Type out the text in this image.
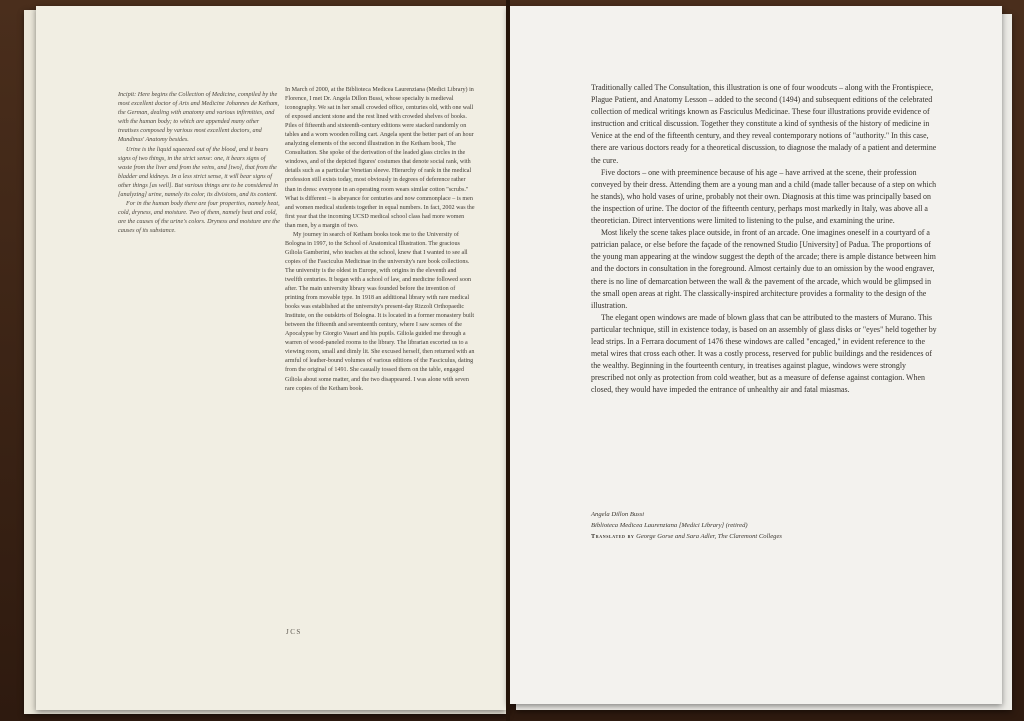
Incipit: Here begins the Collection of Medicine, compiled by the most excellent doctor of Arts and Medicine Johannes de Ketham, the German, dealing with anatomy and various infirmities, and with the human body; to which are appended many other treatises composed by various most excellent doctors, and Mundinus' Anatomy besides.

Urine is the liquid squeezed out of the blood, and it bears signs of two things, in the strict sense: one, it bears signs of waste from the liver and from the veins, and [two], that from the bladder and kidneys. In a less strict sense, it will bear signs of other things [as well]. But various things are to be considered in [analyzing] urine, namely its color, its divisions, and its content.

For in the human body there are four properties, namely heat, cold, dryness, and moisture. Two of them, namely heat and cold, are the causes of the urine's colors. Dryness and moisture are the causes of its substance.

In March of 2000, at the Biblioteca Medicea Laurenziana (Medici Library) in Florence, I met Dr. Angela Dillon Bussi, whose specialty is medieval iconography. We sat in her small crowded office, centuries old, with one wall of exposed ancient stone and the rest lined with crowded shelves of books. Piles of fifteenth and sixteenth-century editions were stacked randomly on tables and a worn wooden rolling cart. Angela spent the better part of an hour analyzing elements of the second illustration in the Ketham book, The Consultation. She spoke of the derivation of the leaded glass circles in the windows, and of the depicted figures' costumes that denote social rank, with details such as a particular Venetian sleeve. Hierarchy of rank in the medical profession still exists today, most obviously in degrees of deference rather than in dress: everyone in an operating room wears similar cotton "scrubs." What is different – is abeyance for centuries and now commonplace – is men and women medical students together in equal numbers. In fact, 2002 was the first year that the incoming UCSD medical school class had more women than men, by a margin of two.

My journey in search of Ketham books took me to the University of Bologna in 1997, to the School of Anatomical Illustration. The gracious Giliola Gamberini, who teaches at the school, knew that I wanted to see all copies of the Fasciculus Medicinae in the university's rare book collections. The university is the oldest in Europe, with origins in the eleventh and twelfth centuries. It began with a school of law, and medicine followed soon after. The main university library was founded before the invention of printing from movable type. In 1918 an additional library with rare medical books was established at the university's present-day Rizzoli Orthopaedic Institute, on the outskirts of Bologna. It is located in a former monastery built between the fifteenth and seventeenth century, where I saw scenes of the Apocalypse by Giorgio Vasari and his pupils. Giliola guided me through a warren of wood-paneled rooms to the library. The librarian escorted us to a viewing room, small and dimly lit. She excused herself, then returned with an armful of leather-bound volumes of various editions of the Fasciculus, dating from the original of 1491. She casually tossed them on the table, engaged Giliola about some matter, and the two disappeared. I was alone with seven rare copies of the Ketham book.

JCS

Traditionally called The Consultation, this illustration is one of four woodcuts – along with the Frontispiece, Plague Patient, and Anatomy Lesson – added to the second (1494) and subsequent editions of the celebrated collection of medical writings known as Fasciculus Medicinae. These four illustrations provide evidence of instruction and critical discussion. Together they constitute a kind of synthesis of the history of medicine in Venice at the end of the fifteenth century, and they reveal contemporary notions of "authority." In this case, there are various doctors ready for a theoretical discussion, to diagnose the malady of a patient and determine the cure.

Five doctors – one with preeminence because of his age – have arrived at the scene, their profession conveyed by their dress. Attending them are a young man and a child (made taller because of a step on which he stands), who hold vases of urine, probably not their own. Diagnosis at this time was principally based on the inspection of urine. The doctor of the fifteenth century, perhaps most markedly in Italy, was above all a theoretician. Direct interventions were limited to listening to the pulse, and examining the urine.

Most likely the scene takes place outside, in front of an arcade. One imagines oneself in a courtyard of a patrician palace, or else before the façade of the renowned Studio [University] of Padua. The proportions of the young man appearing at the window suggest the depth of the arcade; there is ample distance between him and the doctors in consultation in the foreground. Almost certainly due to an omission by the wood engraver, there is no line of demarcation between the wall & the pavement of the arcade, which would be glimpsed in the small open areas at right. The classically-inspired architecture provides a formality to the design of the illustration.

The elegant open windows are made of blown glass that can be attributed to the masters of Murano. This particular technique, still in existence today, is based on an assembly of glass disks or "eyes" held together by lead strips. In a Ferrara document of 1476 these windows are called "encaged," in evident reference to the metal wires that cross each other. It was a costly process, reserved for public buildings and the residences of the wealthy. Beginning in the fourteenth century, in treatises against plague, windows were strongly prescribed not only as protection from cold weather, but as a measure of defense against contagion. When closed, they would have impeded the entrance of unhealthy air and fatal miasmas.

Angela Dillon Bussi
Biblioteca Medicea Laurenziana [Medici Library] (retired)
Translated by George Gorse and Sara Adler, The Claremont Colleges
